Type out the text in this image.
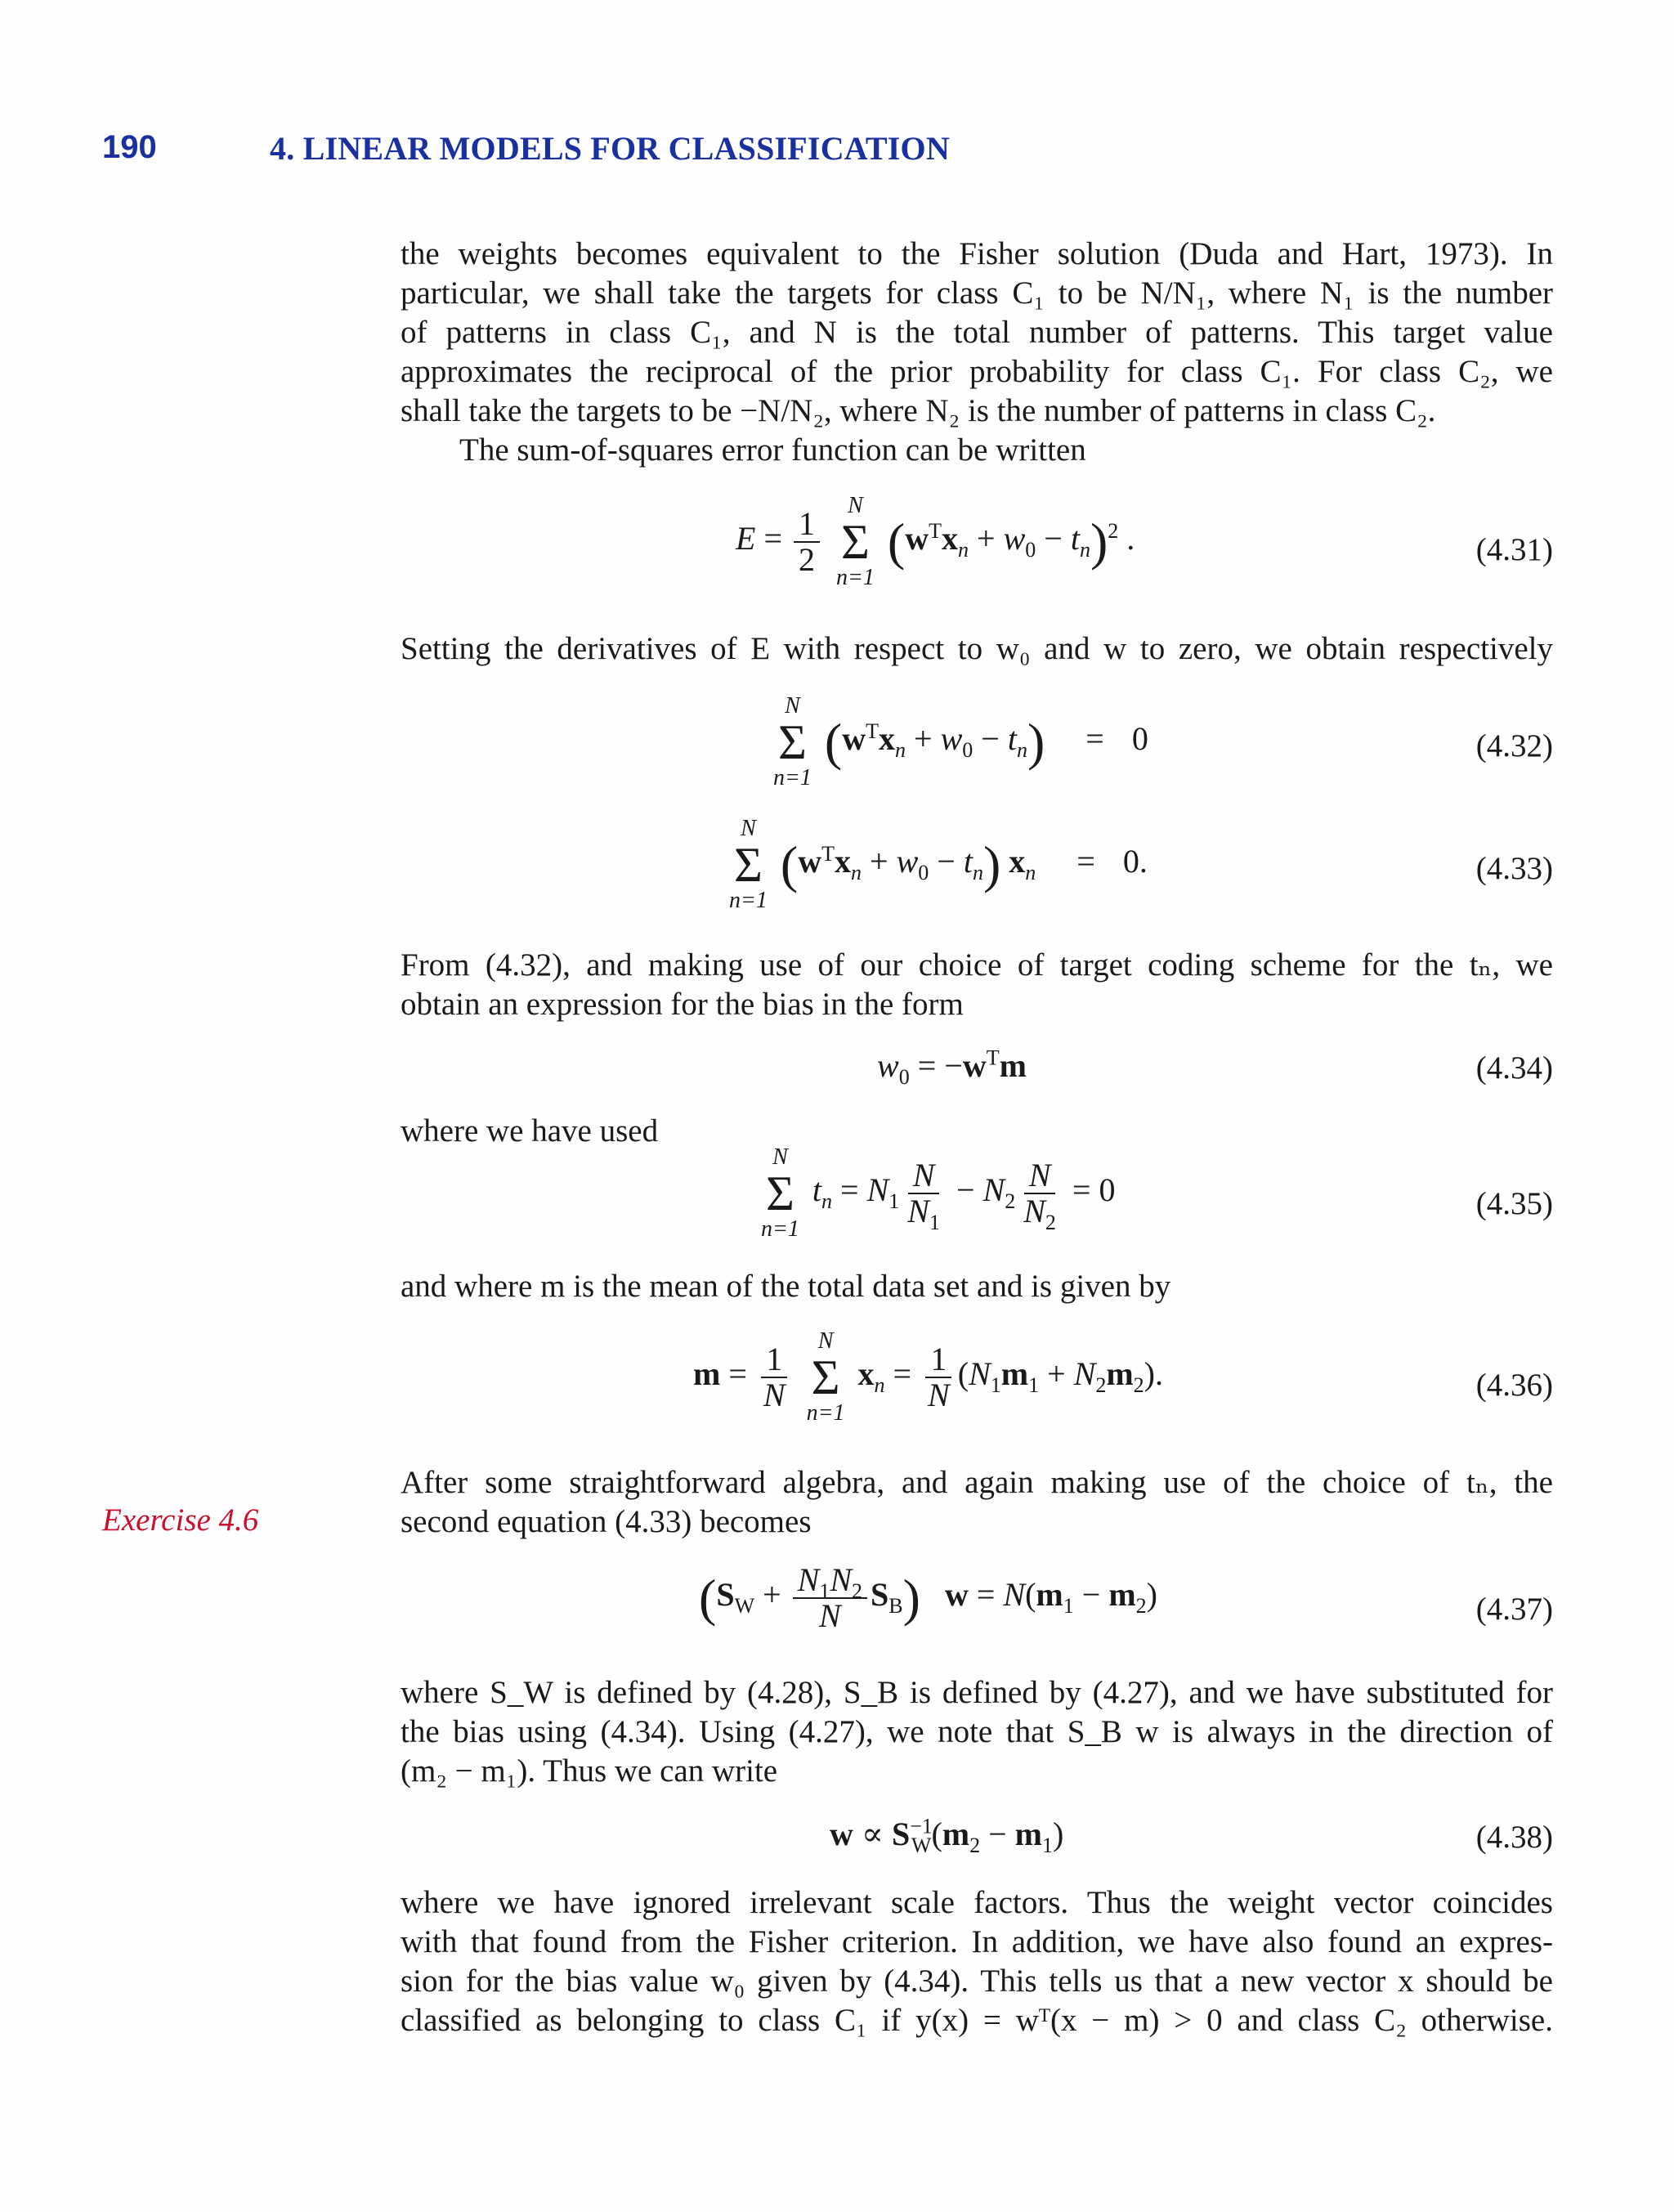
190	4. LINEAR MODELS FOR CLASSIFICATION
the weights becomes equivalent to the Fisher solution (Duda and Hart, 1973). In
particular, we shall take the targets for class C₁ to be N/N₁, where N₁ is the number
of patterns in class C₁, and N is the total number of patterns. This target value
approximates the reciprocal of the prior probability for class C₁. For class C₂, we
shall take the targets to be −N/N₂, where N₂ is the number of patterns in class C₂.
The sum-of-squares error function can be written
$E = \frac{1}{2}$

N
Σ
n=1
$(w^Tx_n + w_0 - t_n)^2$ .	(4.31)
Setting the derivatives of E with respect to w₀ and w to zero, we obtain respectively
N
Σ
n=1
$(w^Tx_n + w_0 - t_n) = 0$	(4.32)
N
Σ
n=1
$(w^Tx_n + w_0 - t_n) x_n = 0$.	(4.33)
From (4.32), and making use of our choice of target coding scheme for the tₙ, we
obtain an expression for the bias in the form
$w_0 = -w^Tm$	(4.34)
where we have used
N
Σ
n=1
$t_n = N_1 \frac{N}{N_1} - N_2 \frac{N}{N_2} = 0$	(4.35)
and where m is the mean of the total data set and is given by
$m = \frac{1}{N}$

N
Σ
n=1
$x_n = \frac{1}{N} (N_1m_1 + N_2m_2)$.	(4.36)
Exercise 4.6
After some straightforward algebra, and again making use of the choice of tₙ, the
second equation (4.33) becomes
$(S_W + \frac{N_1N_2}{N} S_B) w = N(m_1 - m_2)$	(4.37)
where S_W is defined by (4.28), S_B is defined by (4.27), and we have substituted for
the bias using (4.34). Using (4.27), we note that S_B w is always in the direction of
(m₂ − m₁). Thus we can write
$w \propto S^{-1}_W(m_2 - m_1)$	(4.38)
where we have ignored irrelevant scale factors. Thus the weight vector coincides
with that found from the Fisher criterion. In addition, we have also found an expres-
sion for the bias value w₀ given by (4.34). This tells us that a new vector x should be
classified as belonging to class C₁ if y(x) = wᵀ(x − m) > 0 and class C₂ otherwise.
